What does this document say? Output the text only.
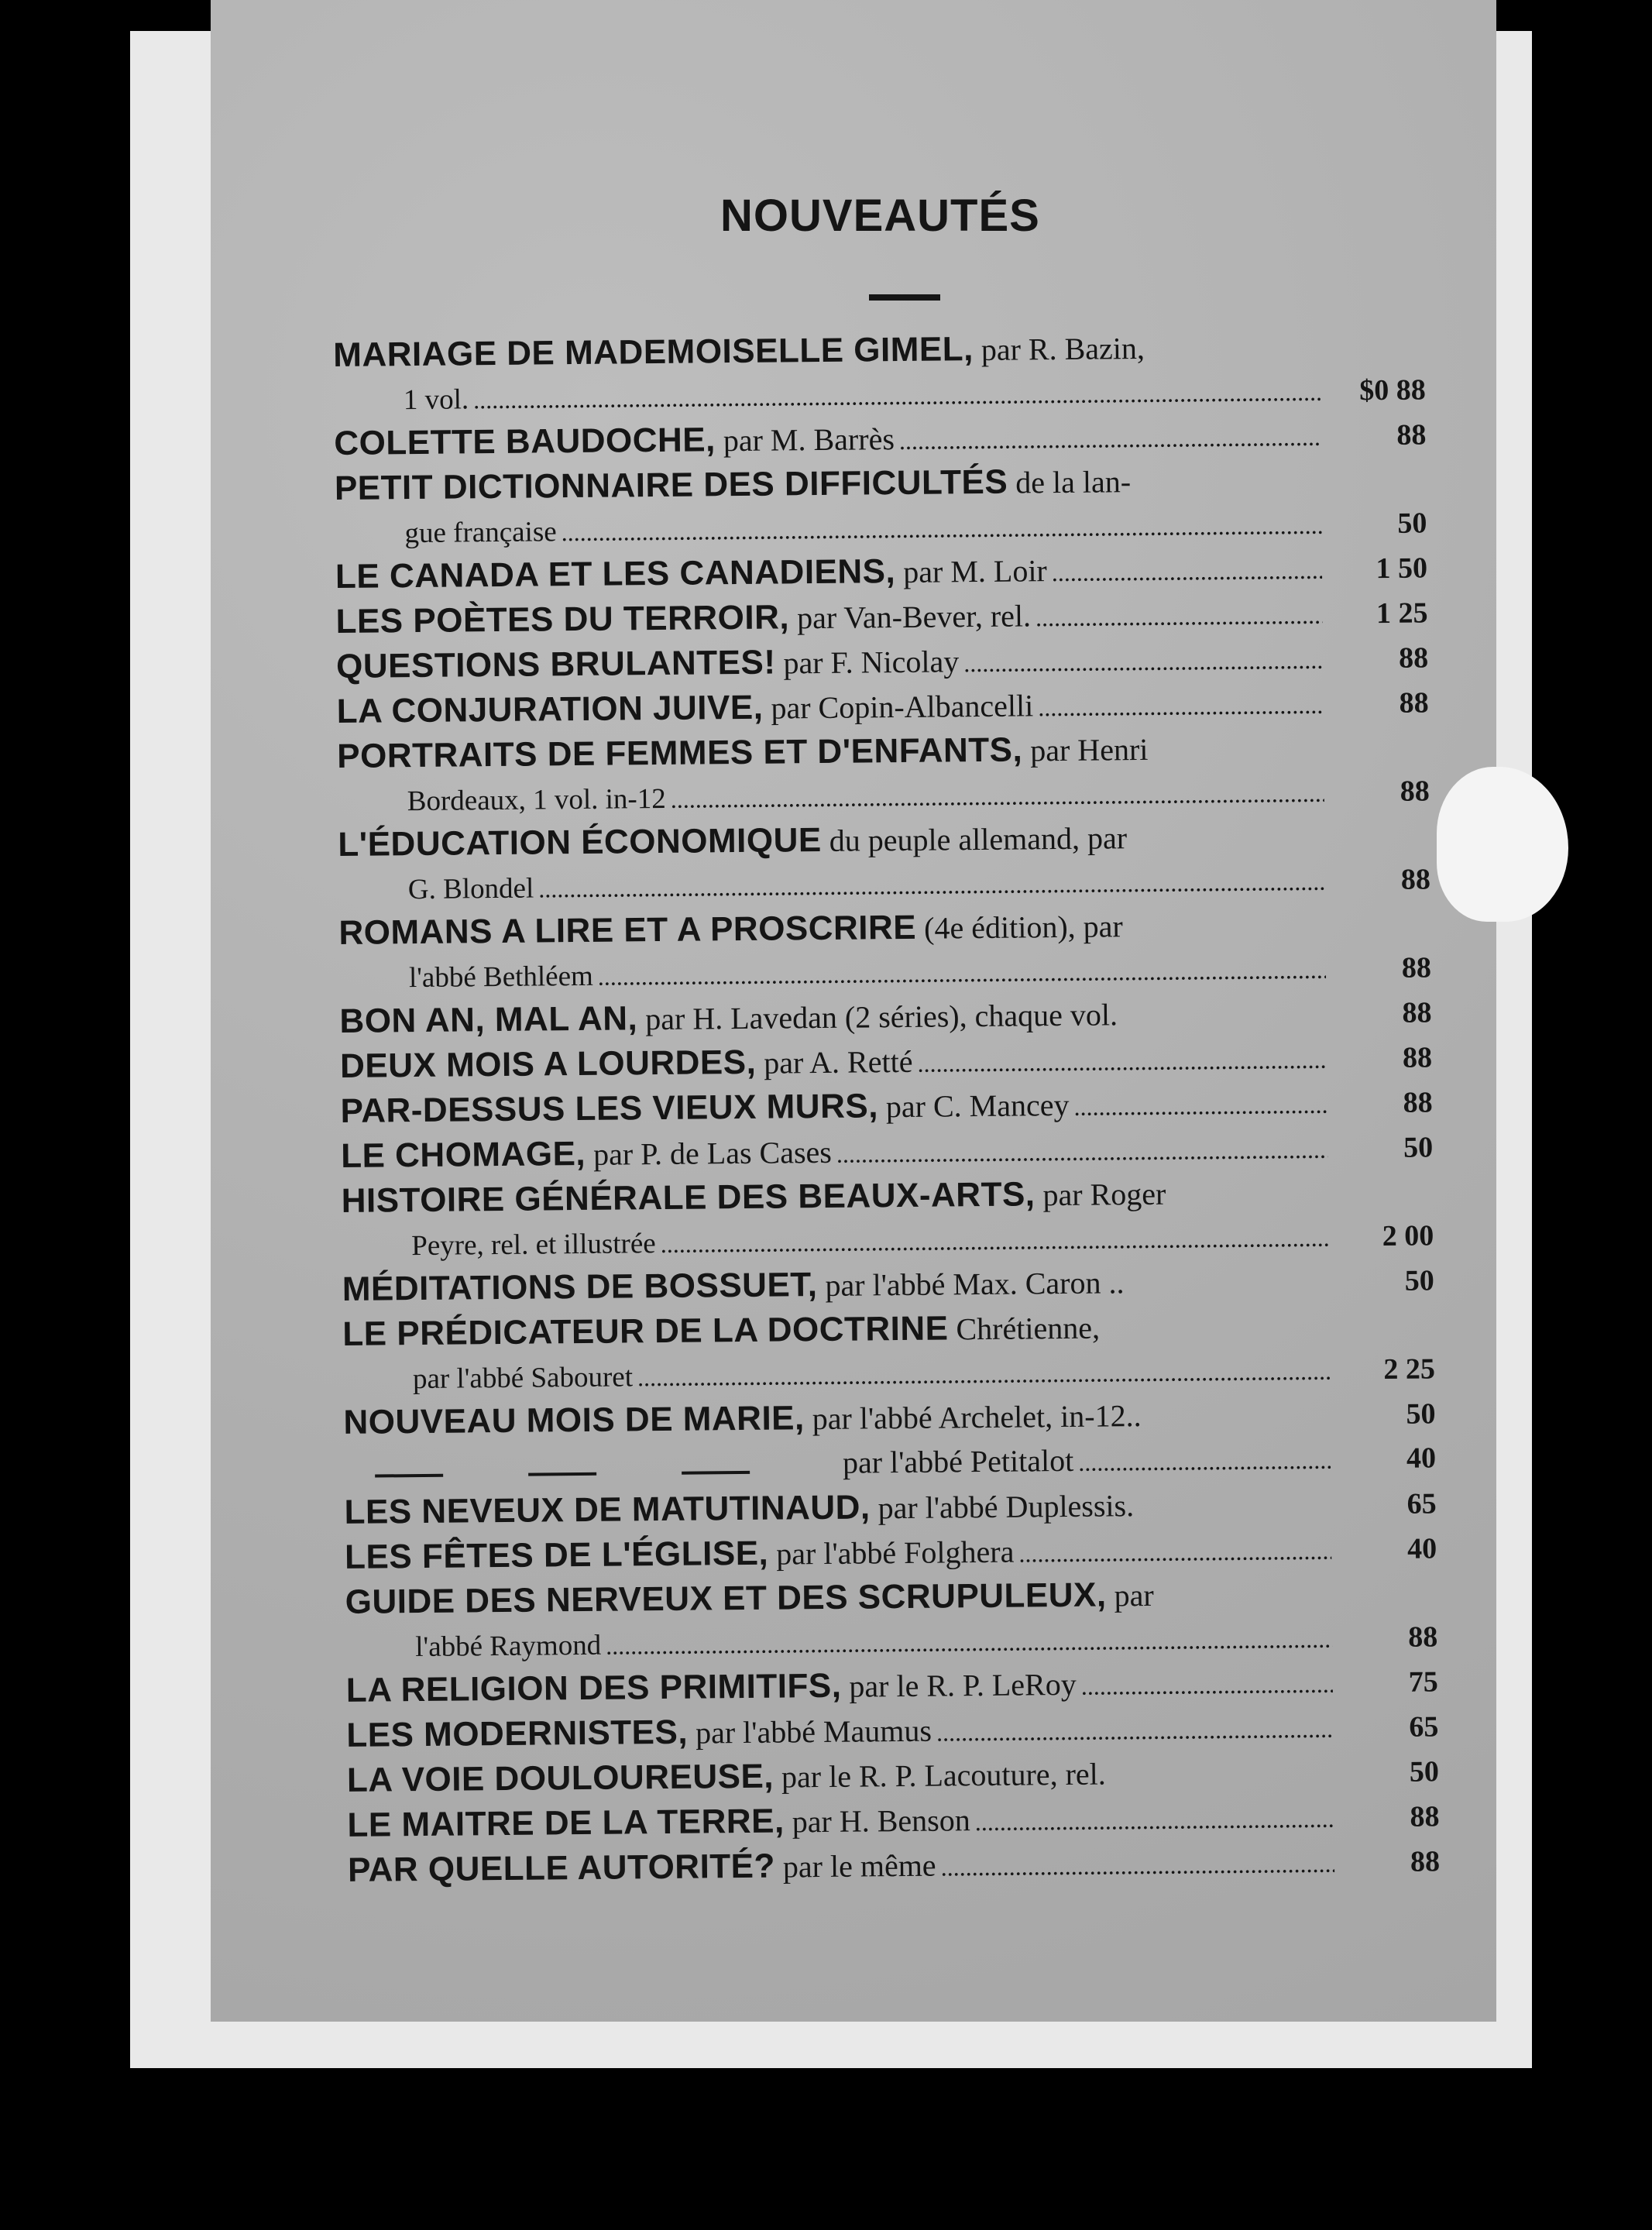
NOUVEAUTÉS
MARIAGE DE MADEMOISELLE GIMEL, par R. Bazin,
1 vol. .....	$0 88
COLETTE BAUDOCHE, par M. Barrès .....	88
PETIT DICTIONNAIRE DES DIFFICULTÉS de la lan-
gue française .....	50
LE CANADA ET LES CANADIENS, par M. Loir .....	1 50
LES POÈTES DU TERROIR, par Van-Bever, rel. .....	1 25
QUESTIONS BRULANTES! par F. Nicolay .....	88
LA CONJURATION JUIVE, par Copin-Albancelli .....	88
PORTRAITS DE FEMMES ET D'ENFANTS, par Henri
Bordeaux, 1 vol. in-12 .....	88
L'ÉDUCATION ÉCONOMIQUE du peuple allemand, par
G. Blondel .....	88
ROMANS A LIRE ET A PROSCRIRE (4e édition), par
l'abbé Bethléem .....	88
BON AN, MAL AN, par H. Lavedan (2 séries), chaque vol.	88
DEUX MOIS A LOURDES, par A. Retté .....	88
PAR-DESSUS LES VIEUX MURS, par C. Mancey .....	88
LE CHOMAGE, par P. de Las Cases .....	50
HISTOIRE GÉNÉRALE DES BEAUX-ARTS, par Roger
Peyre, rel. et illustrée .....	2 00
MÉDITATIONS DE BOSSUET, par l'abbé Max. Caron ..	50
LE PRÉDICATEUR DE LA DOCTRINE Chrétienne,
par l'abbé Sabouret .....	2 25
NOUVEAU MOIS DE MARIE, par l'abbé Archelet, in-12..	50
par l'abbé Petitalot .....	40
LES NEVEUX DE MATUTINAUD, par l'abbé Duplessis.	65
LES FÊTES DE L'ÉGLISE, par l'abbé Folghera .....	40
GUIDE DES NERVEUX ET DES SCRUPULEUX, par
l'abbé Raymond .....	88
LA RELIGION DES PRIMITIFS, par le R. P. LeRoy .....	75
LES MODERNISTES, par l'abbé Maumus .....	65
LA VOIE DOULOUREUSE, par le R. P. Lacouture, rel.	50
LE MAITRE DE LA TERRE, par H. Benson .....	88
PAR QUELLE AUTORITÉ? par le même .....	88
